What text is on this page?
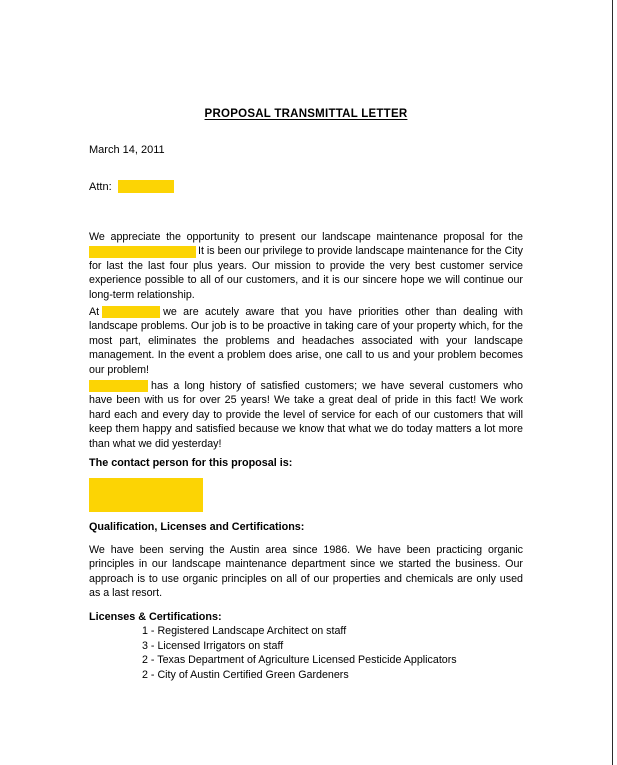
PROPOSAL TRANSMITTAL LETTER
March 14, 2011
Attn:

We appreciate the opportunity to present our landscape maintenance proposal for the It is been our privilege to provide landscape maintenance for the City for last the last four plus years. Our mission to provide the very best customer service experience possible to all of our customers, and it is our sincere hope we will continue our long-term relationship.

At	we are acutely aware that you have priorities other than dealing with landscape problems. Our job is to be proactive in taking care of your property which, for the most part, eliminates the problems and headaches associated with your landscape management. In the event a problem does arise, one call to us and your problem becomes our problem!

has a long history of satisfied customers; we have several customers who have been with us for over 25 years! We take a great deal of pride in this fact! We work hard each and every day to provide the level of service for each of our customers that will keep them happy and satisfied because we know that what we do today matters a lot more than what we did yesterday!

The contact person for this proposal is:

Qualification, Licenses and Certifications:

We have been serving the Austin area since 1986. We have been practicing organic principles in our landscape maintenance department since we started the business. Our approach is to use organic principles on all of our properties and chemicals are only used as a last resort.

Licenses & Certifications:

1 - Registered Landscape Architect on staff
3 - Licensed Irrigators on staff
2 - Texas Department of Agriculture Licensed Pesticide Applicators
2 - City of Austin Certified Green Gardeners
